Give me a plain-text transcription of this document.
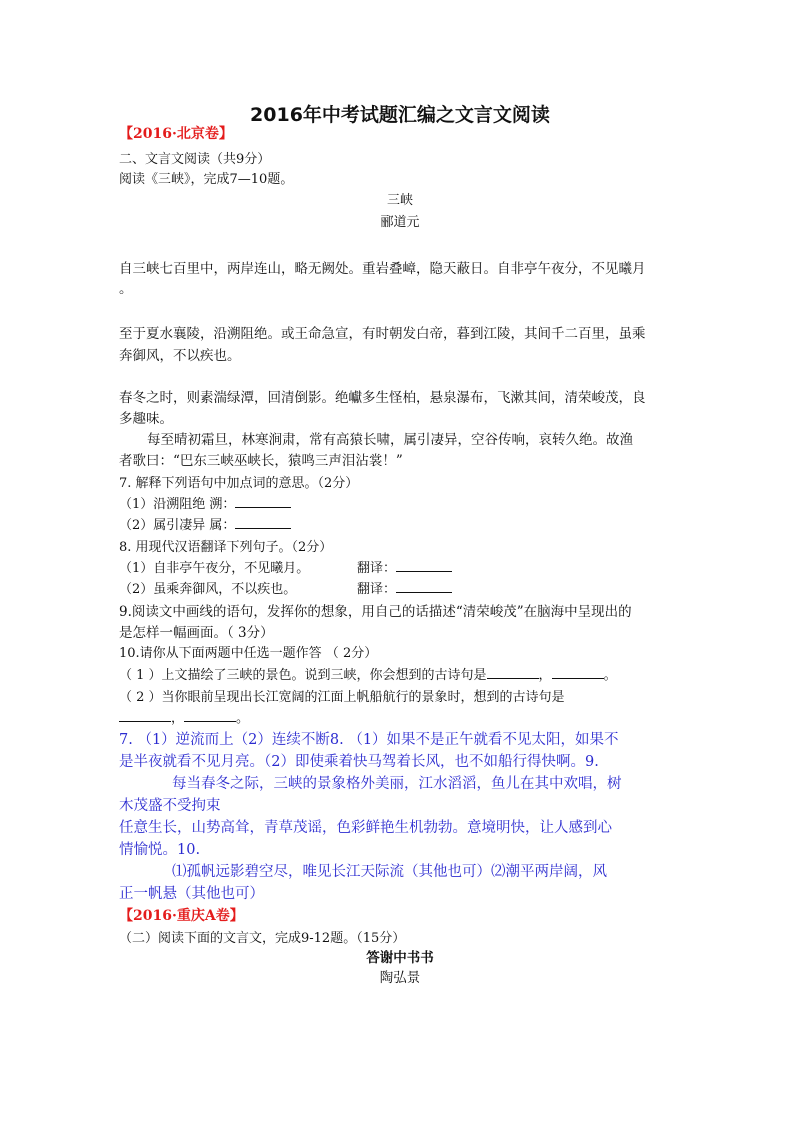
2016年中考试题汇编之文言文阅读
【2016·北京卷】
二、文言文阅读（共9分）
阅读《三峡》，完成7—10题。
三峡
郦道元
自三峡七百里中，两岸连山，略无阙处。重岩叠嶂，隐天蔽日。自非亭午夜分，不见曦月
。
至于夏水襄陵，沿溯阻绝。或王命急宣，有时朝发白帝，暮到江陵，其间千二百里，虽乘
奔御风，不以疾也。
春冬之时，则素湍绿潭，回清倒影。绝巘多生怪柏，悬泉瀑布，飞漱其间，清荣峻茂，良
多趣味。
每至晴初霜旦，林寒涧肃，常有高猿长啸，属引凄异，空谷传响，哀转久绝。故渔
者歌曰：“巴东三峡巫峡长，猿鸣三声泪沾裳！”
7. 解释下列语句中加点词的意思。（2分）
（1）沿溯阻绝 溯：
（2）属引凄异 属：
8. 用现代汉语翻译下列句子。（2分）
（1）自非亭午夜分，不见曦月。	翻译：
（2）虽乘奔御风，不以疾也。	翻译：
9.阅读文中画线的语句，发挥你的想象，用自己的话描述“清荣峻茂”在脑海中呈现出的
是怎样一幅画面。（ 3分）
10.请你从下面两题中任选一题作答 （ 2分）
（ 1 ）上文描绘了三峡的景色。说到三峡，你会想到的古诗句是	，	。
（ 2 ）当你眼前呈现出长江宽阔的江面上帆船航行的景象时，想到的古诗句是
，	。
7. （1）逆流而上（2）连续不断8. （1）如果不是正午就看不见太阳，如果不
是半夜就看不见月亮。（2）即使乘着快马驾着长风，也不如船行得快啊。9.
每当春冬之际，三峡的景象格外美丽，江水滔滔，鱼儿在其中欢唱，树
木茂盛不受拘束
任意生长，山势高耸，青草茂谣，色彩鲜艳生机勃勃。意境明快，让人感到心
情愉悦。10.
⑴孤帆远影碧空尽，唯见长江天际流（其他也可）⑵潮平两岸阔，风
正一帆悬（其他也可）
【2016·重庆A卷】
（二）阅读下面的文言文，完成9-12题。（15分）
答谢中书书
陶弘景
